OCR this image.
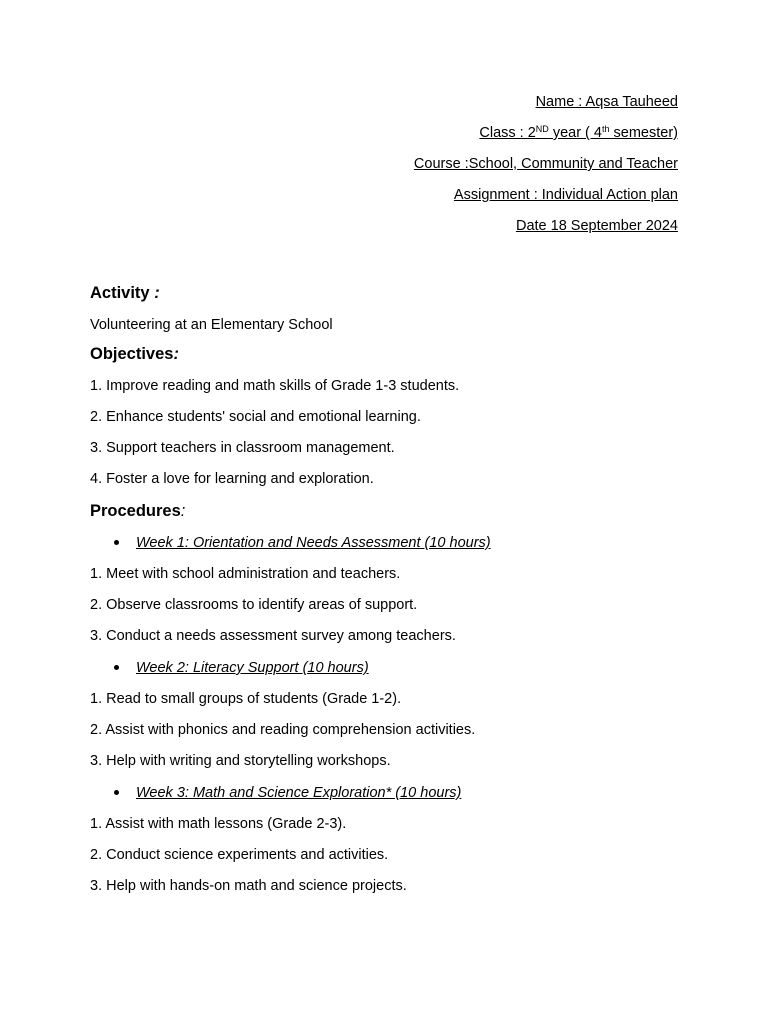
Name : Aqsa Tauheed
Class : 2ND year ( 4th semester)
Course :School, Community and Teacher
Assignment : Individual Action plan
Date 18 September 2024
Activity :
Volunteering at an Elementary School
Objectives:
1. Improve reading and math skills of Grade 1-3 students.
2. Enhance students' social and emotional learning.
3. Support teachers in classroom management.
4. Foster a love for learning and exploration.
Procedures:
Week 1: Orientation and Needs Assessment (10 hours)
1. Meet with school administration and teachers.
2. Observe classrooms to identify areas of support.
3. Conduct a needs assessment survey among teachers.
Week 2: Literacy Support (10 hours)
1. Read to small groups of students (Grade 1-2).
2. Assist with phonics and reading comprehension activities.
3. Help with writing and storytelling workshops.
Week 3: Math and Science Exploration* (10 hours)
1. Assist with math lessons (Grade 2-3).
2. Conduct science experiments and activities.
3. Help with hands-on math and science projects.
